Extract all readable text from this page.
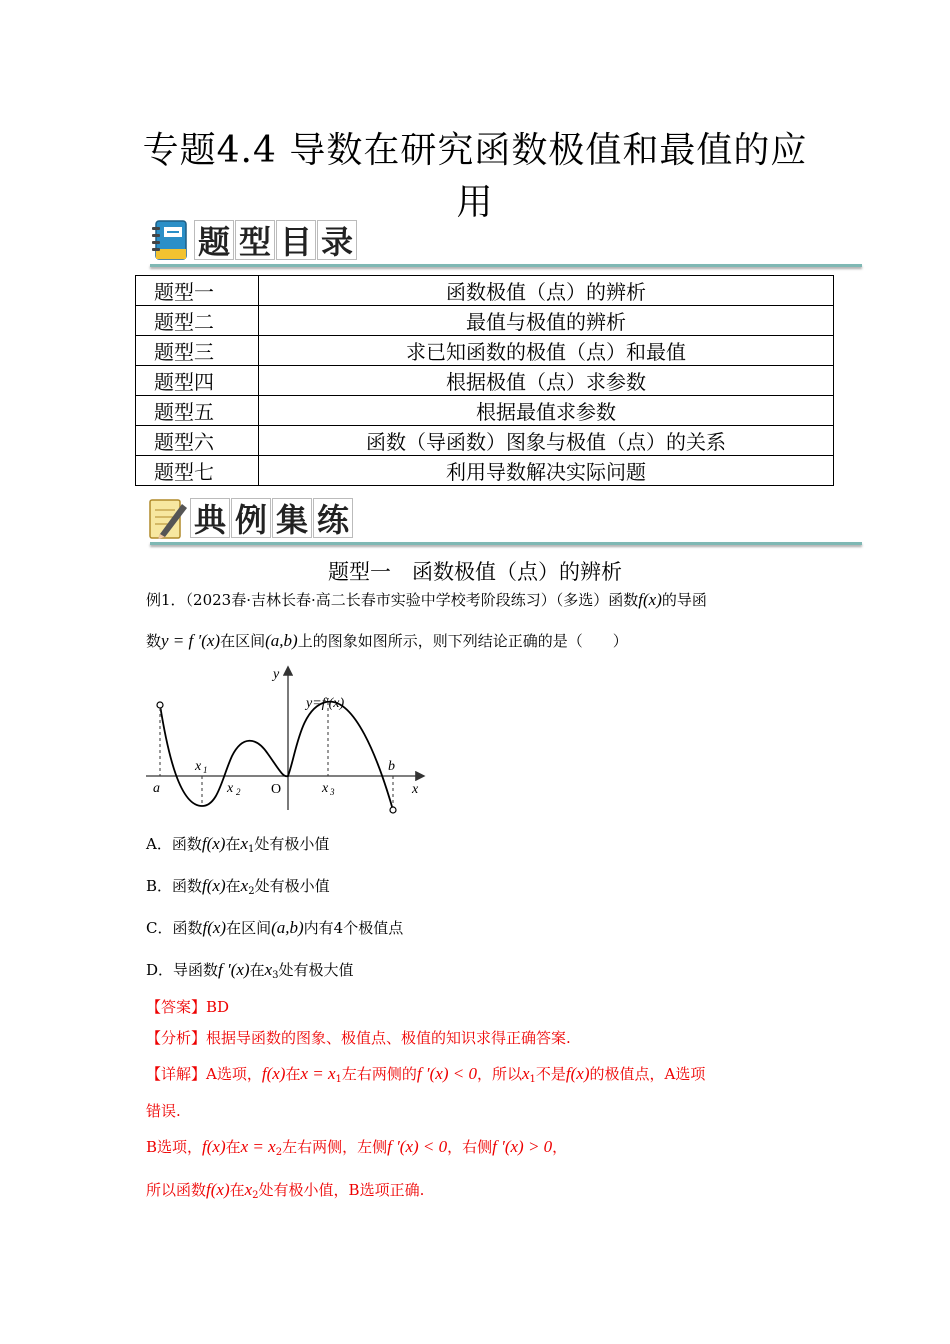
专题4.4 导数在研究函数极值和最值的应
用
题 型 目 录
题型一	函数极值（点）的辨析
题型二	最值与极值的辨析
题型三	求已知函数的极值（点）和最值
题型四	根据极值（点）求参数
题型五	根据最值求参数
题型六	函数（导函数）图象与极值（点）的关系
题型七	利用导数解决实际问题
典 例 集 练
题型一　函数极值（点）的辨析
例1．（2023春·吉林长春·高二长春市实验中学校考阶段练习）（多选）函数f(x)的导函
数y = f ′(x)在区间(a,b)上的图象如图所示，则下列结论正确的是（　　）
y
x
y=f′(x)
a	x 2 O	x 3
b
x 1
A．函数f(x)在$x_1$处有极小值
B．函数f(x)在$x_2$处有极小值
C．函数f(x)在区间(a,b)内有4个极值点
D．导函数f ′(x)在$x_3$处有极大值
【答案】BD
【分析】根据导函数的图象、极值点、极值的知识求得正确答案.
【详解】A选项，f(x)在$x = x_1$左右两侧的f ′(x) < 0，所以$x_1$不是f(x)的极值点，A选项
错误.
B选项，f(x)在$x = x_2$左右两侧，左侧f ′(x) < 0，右侧f ′(x) > 0，
所以函数f(x)在$x_2$处有极小值，B选项正确.
